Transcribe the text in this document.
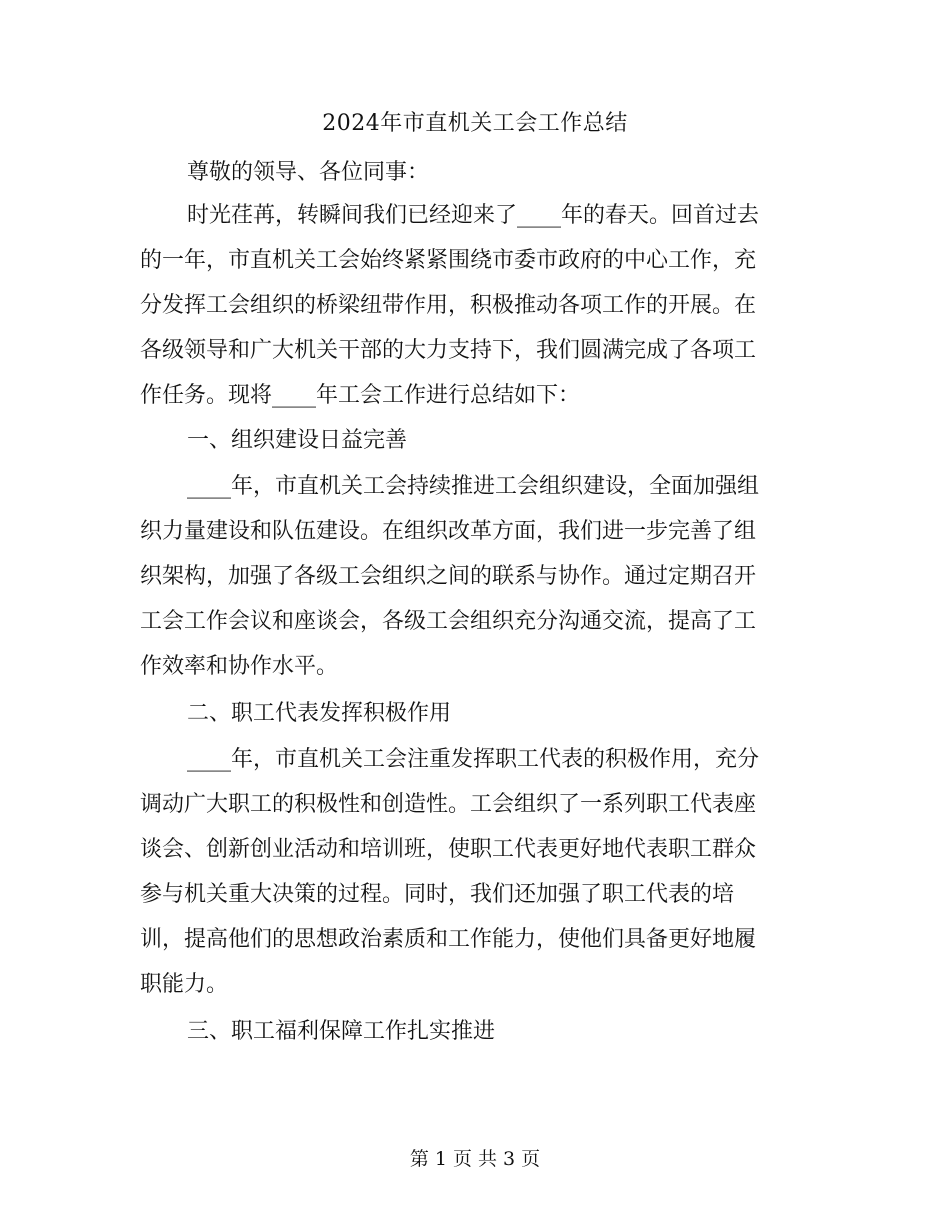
2024年市直机关工会工作总结
尊敬的领导、各位同事：
时光荏苒，转瞬间我们已经迎来了____年的春天。回首过去
的一年，市直机关工会始终紧紧围绕市委市政府的中心工作，充
分发挥工会组织的桥梁纽带作用，积极推动各项工作的开展。在
各级领导和广大机关干部的大力支持下，我们圆满完成了各项工
作任务。现将____年工会工作进行总结如下：
一、组织建设日益完善
____年，市直机关工会持续推进工会组织建设，全面加强组
织力量建设和队伍建设。在组织改革方面，我们进一步完善了组
织架构，加强了各级工会组织之间的联系与协作。通过定期召开
工会工作会议和座谈会，各级工会组织充分沟通交流，提高了工
作效率和协作水平。
二、职工代表发挥积极作用
____年，市直机关工会注重发挥职工代表的积极作用，充分
调动广大职工的积极性和创造性。工会组织了一系列职工代表座
谈会、创新创业活动和培训班，使职工代表更好地代表职工群众
参与机关重大决策的过程。同时，我们还加强了职工代表的培
训，提高他们的思想政治素质和工作能力，使他们具备更好地履
职能力。
三、职工福利保障工作扎实推进
第 1 页 共 3 页
